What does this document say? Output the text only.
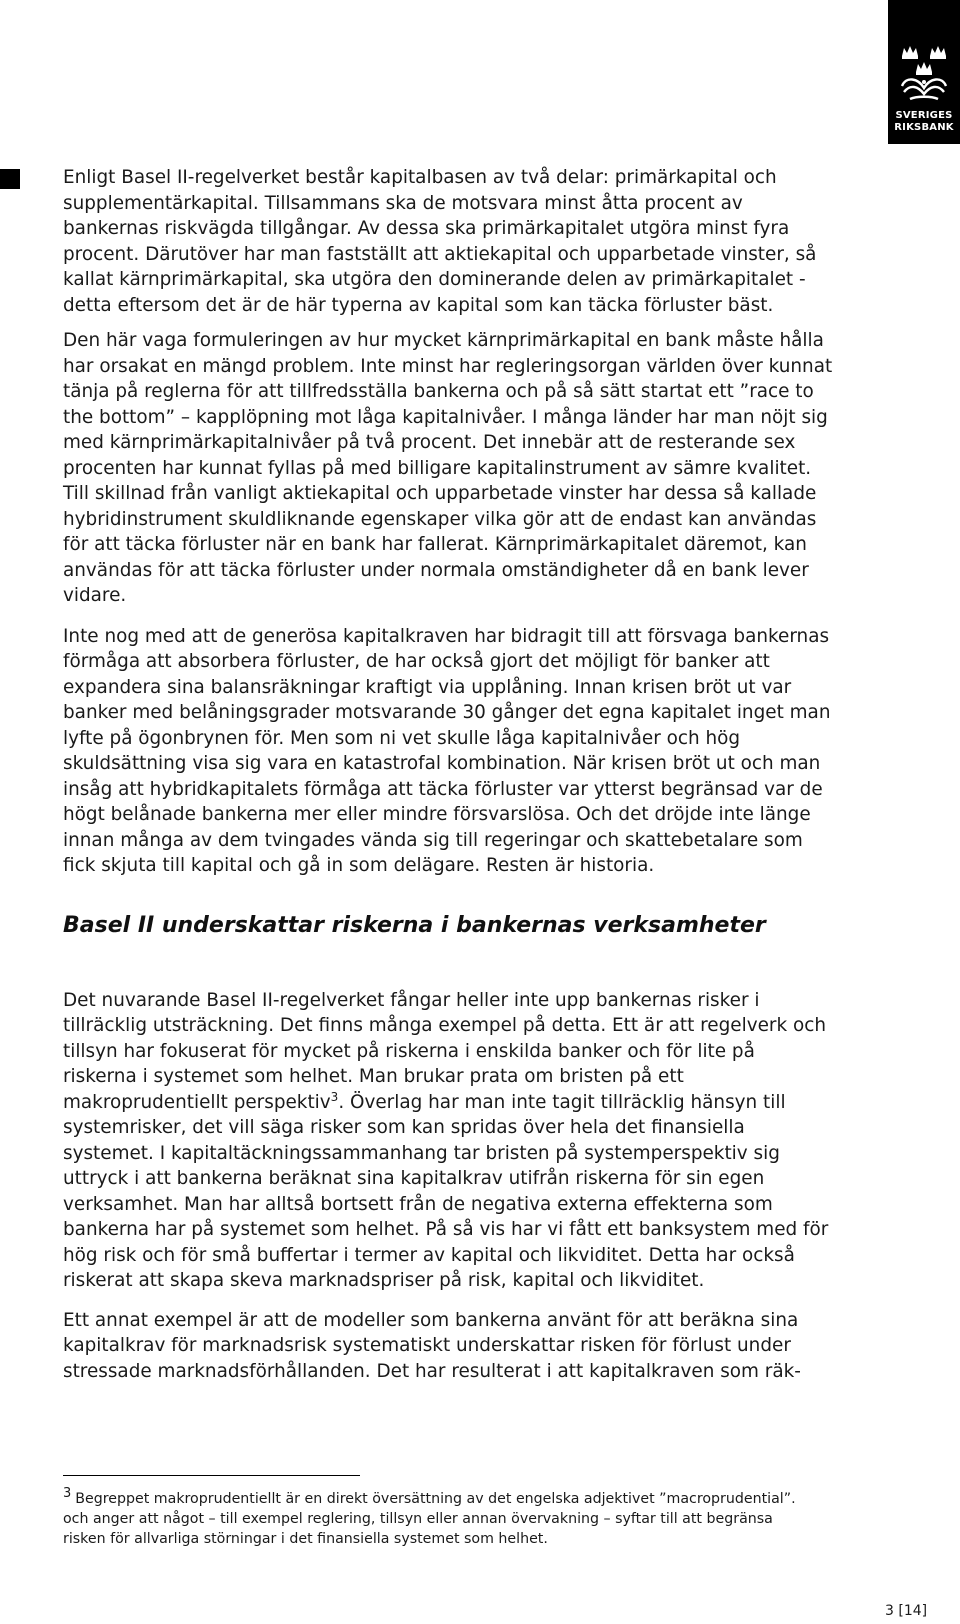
SVERIGES
RIKSBANK

Enligt Basel II-regelverket består kapitalbasen av två delar: primärkapital och supplementärkapital. Tillsammans ska de motsvara minst åtta procent av bankernas riskvägda tillgångar. Av dessa ska primärkapitalet utgöra minst fyra procent. Därutöver har man fastställt att aktiekapital och upparbetade vinster, så kallat kärnprimärkapital, ska utgöra den dominerande delen av primärkapitalet - detta eftersom det är de här typerna av kapital som kan täcka förluster bäst.

Den här vaga formuleringen av hur mycket kärnprimärkapital en bank måste hålla har orsakat en mängd problem. Inte minst har regleringsorgan världen över kunnat tänja på reglerna för att tillfredsställa bankerna och på så sätt startat ett ”race to the bottom” – kapplöpning mot låga kapitalnivåer. I många länder har man nöjt sig med kärnprimärkapitalnivåer på två procent. Det innebär att de resterande sex procenten har kunnat fyllas på med billigare kapitalinstrument av sämre kvalitet. Till skillnad från vanligt aktiekapital och upparbetade vinster har dessa så kallade hybridinstrument skuldliknande egenskaper vilka gör att de endast kan användas för att täcka förluster när en bank har fallerat. Kärnprimärkapitalet däremot, kan användas för att täcka förluster under normala omständigheter då en bank lever vidare.

Inte nog med att de generösa kapitalkraven har bidragit till att försvaga bankernas förmåga att absorbera förluster, de har också gjort det möjligt för banker att expandera sina balansräkningar kraftigt via upplåning. Innan krisen bröt ut var banker med belåningsgrader motsvarande 30 gånger det egna kapitalet inget man lyfte på ögonbrynen för. Men som ni vet skulle låga kapitalnivåer och hög skuldsättning visa sig vara en katastrofal kombination. När krisen bröt ut och man insåg att hybridkapitalets förmåga att täcka förluster var ytterst begränsad var de högt belånade bankerna mer eller mindre försvarslösa. Och det dröjde inte länge innan många av dem tvingades vända sig till regeringar och skattebetalare som fick skjuta till kapital och gå in som delägare. Resten är historia.

Basel II underskattar riskerna i bankernas verksamheter

Det nuvarande Basel II-regelverket fångar heller inte upp bankernas risker i tillräcklig utsträckning. Det finns många exempel på detta. Ett är att regelverk och tillsyn har fokuserat för mycket på riskerna i enskilda banker och för lite på riskerna i systemet som helhet. Man brukar prata om bristen på ett makroprudentiellt perspektiv$^3$. Överlag har man inte tagit tillräcklig hänsyn till systemrisker, det vill säga risker som kan spridas över hela det finansiella systemet. I kapitaltäckningssammanhang tar bristen på systemperspektiv sig uttryck i att bankerna beräknat sina kapitalkrav utifrån riskerna för sin egen verksamhet. Man har alltså bortsett från de negativa externa effekterna som bankerna har på systemet som helhet. På så vis har vi fått ett banksystem med för hög risk och för små buffertar i termer av kapital och likviditet. Detta har också riskerat att skapa skeva marknadspriser på risk, kapital och likviditet.

Ett annat exempel är att de modeller som bankerna använt för att beräkna sina kapitalkrav för marknadsrisk systematiskt underskattar risken för förlust under stressade marknadsförhållanden. Det har resulterat i att kapitalkraven som räk-

$^3$ Begreppet makroprudentiellt är en direkt översättning av det engelska adjektivet ”macroprudential”.
och anger att något – till exempel reglering, tillsyn eller annan övervakning – syftar till att begränsa
risken för allvarliga störningar i det finansiella systemet som helhet.
3 [14]
